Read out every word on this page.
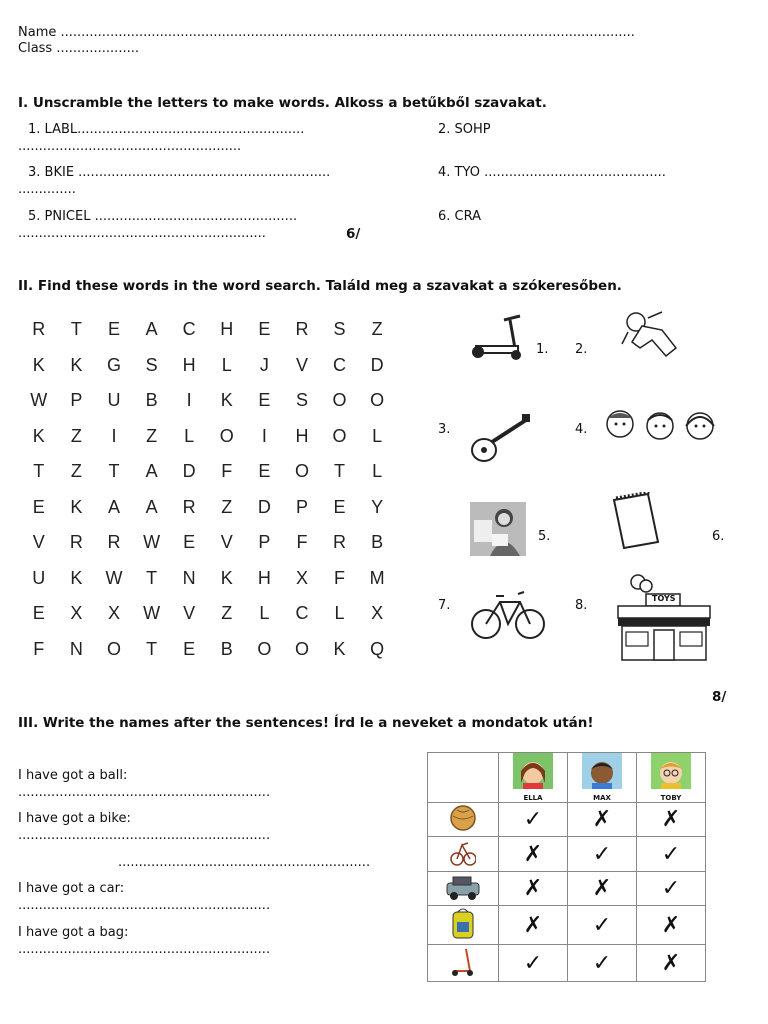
Name ...........................................................................................................................................
Class ....................
I. Unscramble the letters to make words. Alkoss a betűkből szavakat.
1. LABL.......................................................
......................................................
2. SOHP
3. BKIE .............................................................	4. TYO ............................................
..............
5. PNICEL .................................................
............................................................
6. CRA
6/
II. Find these words in the word search. Találd meg a szavakat a szókeresőben.
R	T	E	A	C	H	E	R	S	Z
K	K	G	S	H	L	J	V	C	D
W	P	U	B	I	K	E	S	O	O
K	Z	I	Z	L	O	I	H	O	L
T	Z	T	A	D	F	E	O	T	L
E	K	A	A	R	Z	D	P	E	Y
V	R	R	W	E	V	P	F	R	B
U	K	W	T	N	K	H	X	F	M
E	X	X	W	V	Z	L	C	L	X
F	N	O	T	E	B	O	O	K	Q
1. 2.
3.	4.
5.	6.
7.	8.	TOYS
8/
III. Write the names after the sentences! Írd le a neveket a mondatok után!
I have got a ball:
.............................................................
I have got a bike:
.............................................................
.............................................................
I have got a car:
.............................................................
I have got a bag:
.............................................................

	ELLA	MAX	TOBY

	✓	✗	✗
	✗	✓	✓
	✗	✗	✓
	✗	✓	✗
	✓	✓	✗
